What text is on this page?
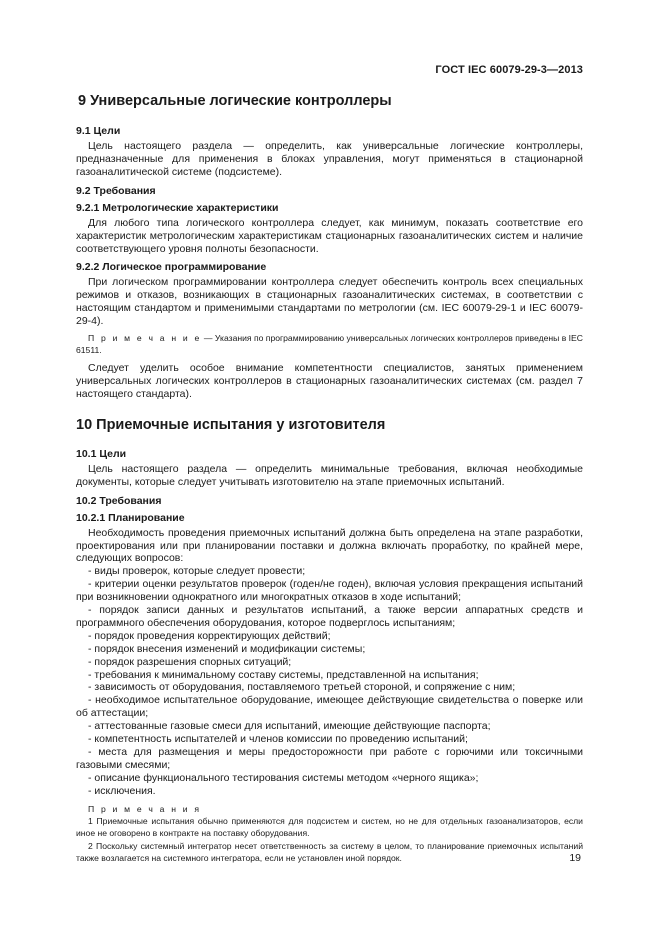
ГОСТ IEC 60079-29-3—2013

9 Универсальные логические контроллеры

9.1 Цели

Цель настоящего раздела — определить, как универсальные логические контроллеры, предназначенные для применения в блоках управления, могут применяться в стационарной газоаналитической системе (подсистеме).

9.2 Требования

9.2.1 Метрологические характеристики

Для любого типа логического контроллера следует, как минимум, показать соответствие его характеристик метрологическим характеристикам стационарных газоаналитических систем и наличие соответствующего уровня полноты безопасности.

9.2.2 Логическое программирование

При логическом программировании контроллера следует обеспечить контроль всех специальных режимов и отказов, возникающих в стационарных газоаналитических системах, в соответствии с настоящим стандартом и применимыми стандартами по метрологии (см. IEC 60079-29-1 и IEC 60079-29-4).

П р и м е ч а н и е — Указания по программированию универсальных логических контроллеров приведены в IEC 61511.

Следует уделить особое внимание компетентности специалистов, занятых применением универсальных логических контроллеров в стационарных газоаналитических системах (см. раздел 7 настоящего стандарта).

10 Приемочные испытания у изготовителя

10.1 Цели

Цель настоящего раздела — определить минимальные требования, включая необходимые документы, которые следует учитывать изготовителю на этапе приемочных испытаний.

10.2 Требования

10.2.1 Планирование

Необходимость проведения приемочных испытаний должна быть определена на этапе разработки, проектирования или при планировании поставки и должна включать проработку, по крайней мере, следующих вопросов:

- виды проверок, которые следует провести;

- критерии оценки результатов проверок (годен/не годен), включая условия прекращения испытаний при возникновении однократного или многократных отказов в ходе испытаний;

- порядок записи данных и результатов испытаний, а также версии аппаратных средств и программного обеспечения оборудования, которое подверглось испытаниям;

- порядок проведения корректирующих действий;

- порядок внесения изменений и модификации системы;

- порядок разрешения спорных ситуаций;

- требования к минимальному составу системы, представленной на испытания;

- зависимость от оборудования, поставляемого третьей стороной, и сопряжение с ним;

- необходимое испытательное оборудование, имеющее действующие свидетельства о поверке или об аттестации;

- аттестованные газовые смеси для испытаний, имеющие действующие паспорта;

- компетентность испытателей и членов комиссии по проведению испытаний;

- места для размещения и меры предосторожности при работе с горючими или токсичными газовыми смесями;

- описание функционального тестирования системы методом «черного ящика»;

- исключения.

П р и м е ч а н и я

1 Приемочные испытания обычно применяются для подсистем и систем, но не для отдельных газоанализаторов, если иное не оговорено в контракте на поставку оборудования.

2 Поскольку системный интегратор несет ответственность за систему в целом, то планирование приемочных испытаний также возлагается на системного интегратора, если не установлен иной порядок.	19
